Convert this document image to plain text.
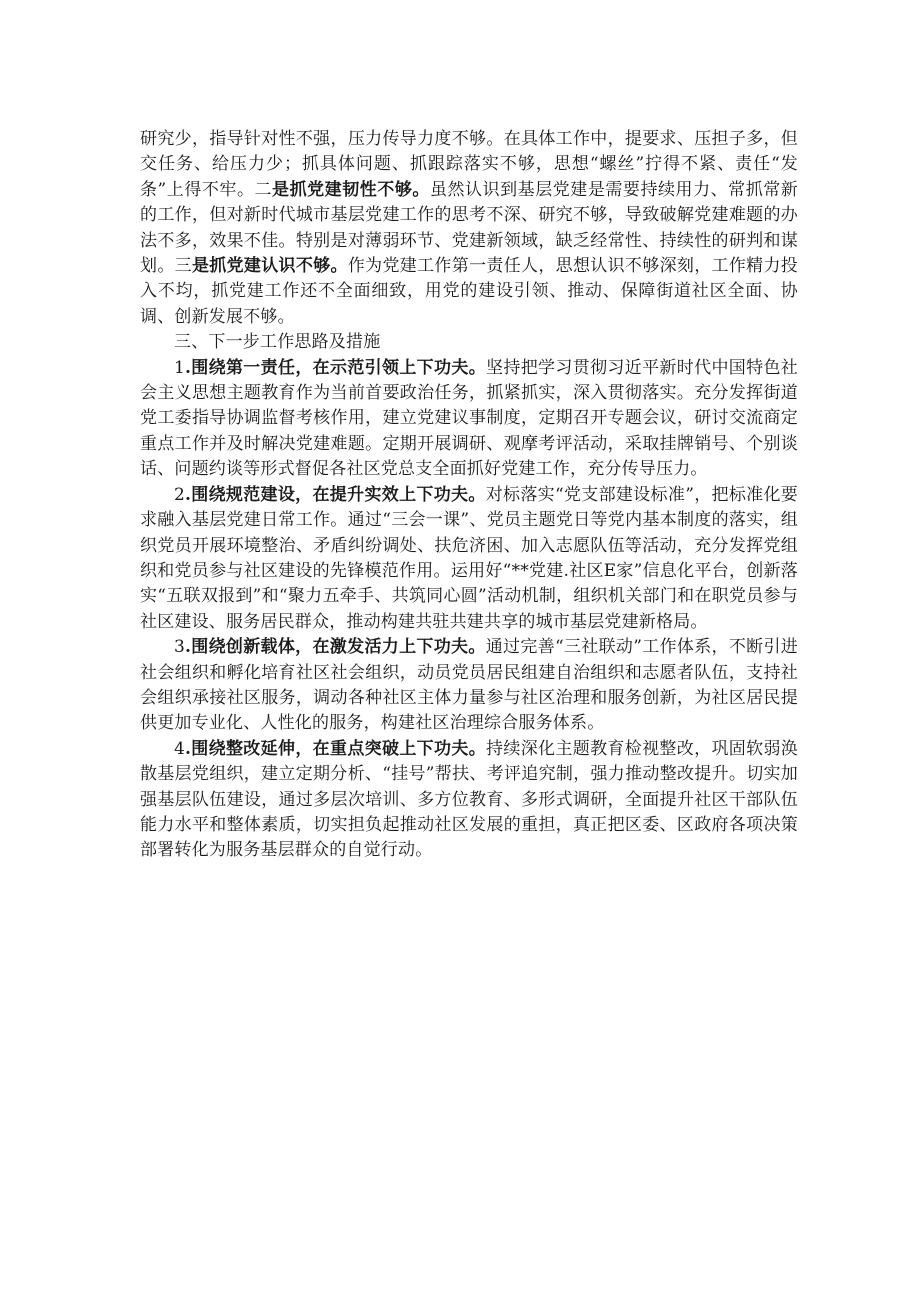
研究少，指导针对性不强，压力传导力度不够。在具体工作中，提要求、压担子多，但交任务、给压力少；抓具体问题、抓跟踪落实不够，思想“螺丝”拧得不紧、责任“发条”上得不牢。二是抓党建韧性不够。虽然认识到基层党建是需要持续用力、常抓常新的工作，但对新时代城市基层党建工作的思考不深、研究不够，导致破解党建难题的办法不多，效果不佳。特别是对薄弱环节、党建新领域，缺乏经常性、持续性的研判和谋划。三是抓党建认识不够。作为党建工作第一责任人，思想认识不够深刻，工作精力投入不均，抓党建工作还不全面细致，用党的建设引领、推动、保障街道社区全面、协调、创新发展不够。

三、下一步工作思路及措施

1.围绕第一责任，在示范引领上下功夫。坚持把学习贯彻习近平新时代中国特色社会主义思想主题教育作为当前首要政治任务，抓紧抓实，深入贯彻落实。充分发挥街道党工委指导协调监督考核作用，建立党建议事制度，定期召开专题会议，研讨交流商定重点工作并及时解决党建难题。定期开展调研、观摩考评活动，采取挂牌销号、个别谈话、问题约谈等形式督促各社区党总支全面抓好党建工作，充分传导压力。

2.围绕规范建设，在提升实效上下功夫。对标落实“党支部建设标准”，把标准化要求融入基层党建日常工作。通过“三会一课”、党员主题党日等党内基本制度的落实，组织党员开展环境整治、矛盾纠纷调处、扶危济困、加入志愿队伍等活动，充分发挥党组织和党员参与社区建设的先锋模范作用。运用好“**党建.社区E家”信息化平台，创新落实“五联双报到”和“聚力五牵手、共筑同心圆”活动机制，组织机关部门和在职党员参与社区建设、服务居民群众，推动构建共驻共建共享的城市基层党建新格局。

3.围绕创新载体，在激发活力上下功夫。通过完善“三社联动”工作体系，不断引进社会组织和孵化培育社区社会组织，动员党员居民组建自治组织和志愿者队伍，支持社会组织承接社区服务，调动各种社区主体力量参与社区治理和服务创新，为社区居民提供更加专业化、人性化的服务，构建社区治理综合服务体系。

4.围绕整改延伸，在重点突破上下功夫。持续深化主题教育检视整改，巩固软弱涣散基层党组织，建立定期分析、“挂号”帮扶、考评追究制，强力推动整改提升。切实加强基层队伍建设，通过多层次培训、多方位教育、多形式调研，全面提升社区干部队伍能力水平和整体素质，切实担负起推动社区发展的重担，真正把区委、区政府各项决策部署转化为服务基层群众的自觉行动。
